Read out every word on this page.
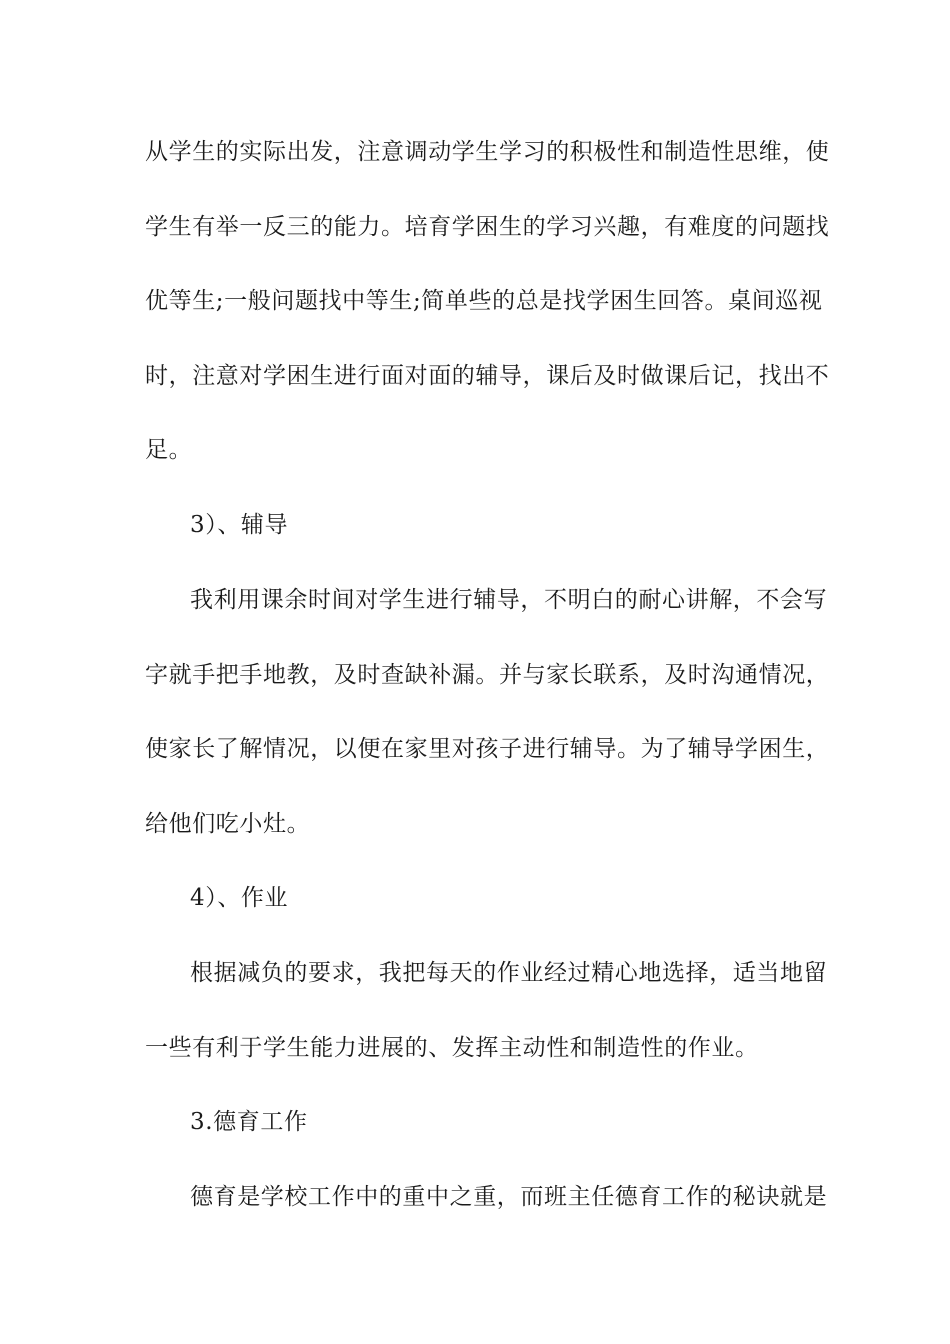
从学生的实际出发，注意调动学生学习的积极性和制造性思维，使
学生有举一反三的能力。培育学困生的学习兴趣，有难度的问题找
优等生;一般问题找中等生;简单些的总是找学困生回答。桌间巡视
时，注意对学困生进行面对面的辅导，课后及时做课后记，找出不
足。
3）、辅导
我利用课余时间对学生进行辅导，不明白的耐心讲解，不会写
字就手把手地教，及时查缺补漏。并与家长联系，及时沟通情况，
使家长了解情况，以便在家里对孩子进行辅导。为了辅导学困生，
给他们吃小灶。
4）、作业
根据减负的要求，我把每天的作业经过精心地选择，适当地留
一些有利于学生能力进展的、发挥主动性和制造性的作业。
3.德育工作
德育是学校工作中的重中之重，而班主任德育工作的秘诀就是
